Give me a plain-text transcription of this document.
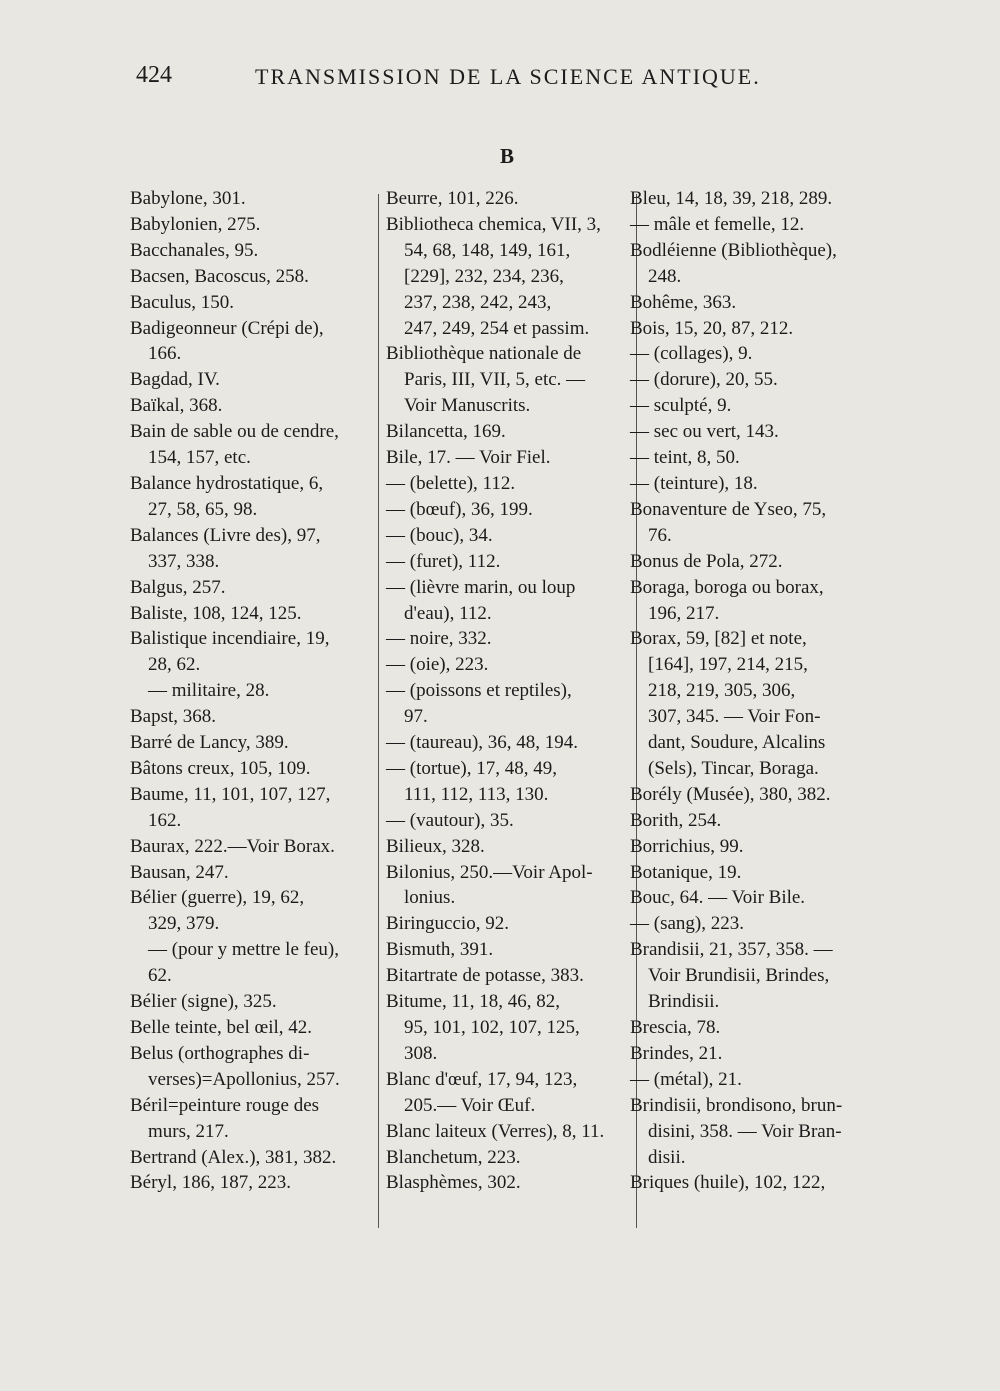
424	TRANSMISSION DE LA SCIENCE ANTIQUE.
B
Babylone, 301.
Babylonien, 275.
Bacchanales, 95.
Bacsen, Bacoscus, 258.
Baculus, 150.
Badigeonneur (Crépi de),
166.
Bagdad, IV.
Baïkal, 368.
Bain de sable ou de cendre,
154, 157, etc.
Balance hydrostatique, 6,
27, 58, 65, 98.
Balances (Livre des), 97,
337, 338.
Balgus, 257.
Baliste, 108, 124, 125.
Balistique incendiaire, 19,
28, 62.
— militaire, 28.
Bapst, 368.
Barré de Lancy, 389.
Bâtons creux, 105, 109.
Baume, 11, 101, 107, 127,
162.
Baurax, 222.—Voir Borax.
Bausan, 247.
Bélier (guerre), 19, 62,
329, 379.
— (pour y mettre le feu),
62.
Bélier (signe), 325.
Belle teinte, bel œil, 42.
Belus (orthographes di-
verses)=Apollonius, 257.
Béril=peinture rouge des
murs, 217.
Bertrand (Alex.), 381, 382.
Béryl, 186, 187, 223.
Beurre, 101, 226.
Bibliotheca chemica, VII, 3,
54, 68, 148, 149, 161,
[229], 232, 234, 236,
237, 238, 242, 243,
247, 249, 254 et passim.
Bibliothèque nationale de
Paris, III, VII, 5, etc. —
Voir Manuscrits.
Bilancetta, 169.
Bile, 17. — Voir Fiel.
— (belette), 112.
— (bœuf), 36, 199.
— (bouc), 34.
— (furet), 112.
— (lièvre marin, ou loup
d'eau), 112.
— noire, 332.
— (oie), 223.
— (poissons et reptiles),
97.
— (taureau), 36, 48, 194.
— (tortue), 17, 48, 49,
111, 112, 113, 130.
— (vautour), 35.
Bilieux, 328.
Bilonius, 250.—Voir Apol-
lonius.
Biringuccio, 92.
Bismuth, 391.
Bitartrate de potasse, 383.
Bitume, 11, 18, 46, 82,
95, 101, 102, 107, 125,
308.
Blanc d'œuf, 17, 94, 123,
205.— Voir Œuf.
Blanc laiteux (Verres), 8, 11.
Blanchetum, 223.
Blasphèmes, 302.
Bleu, 14, 18, 39, 218, 289.
— mâle et femelle, 12.
Bodléienne (Bibliothèque),
248.
Bohême, 363.
Bois, 15, 20, 87, 212.
— (collages), 9.
— (dorure), 20, 55.
— sculpté, 9.
— sec ou vert, 143.
— teint, 8, 50.
— (teinture), 18.
Bonaventure de Yseo, 75,
76.
Bonus de Pola, 272.
Boraga, boroga ou borax,
196, 217.
Borax, 59, [82] et note,
[164], 197, 214, 215,
218, 219, 305, 306,
307, 345. — Voir Fon-
dant, Soudure, Alcalins
(Sels), Tincar, Boraga.
Borély (Musée), 380, 382.
Borith, 254.
Borrichius, 99.
Botanique, 19.
Bouc, 64. — Voir Bile.
— (sang), 223.
Brandisii, 21, 357, 358. —
Voir Brundisii, Brindes,
Brindisii.
Brescia, 78.
Brindes, 21.
— (métal), 21.
Brindisii, brondisono, brun-
disini, 358. — Voir Bran-
disii.
Briques (huile), 102, 122,
